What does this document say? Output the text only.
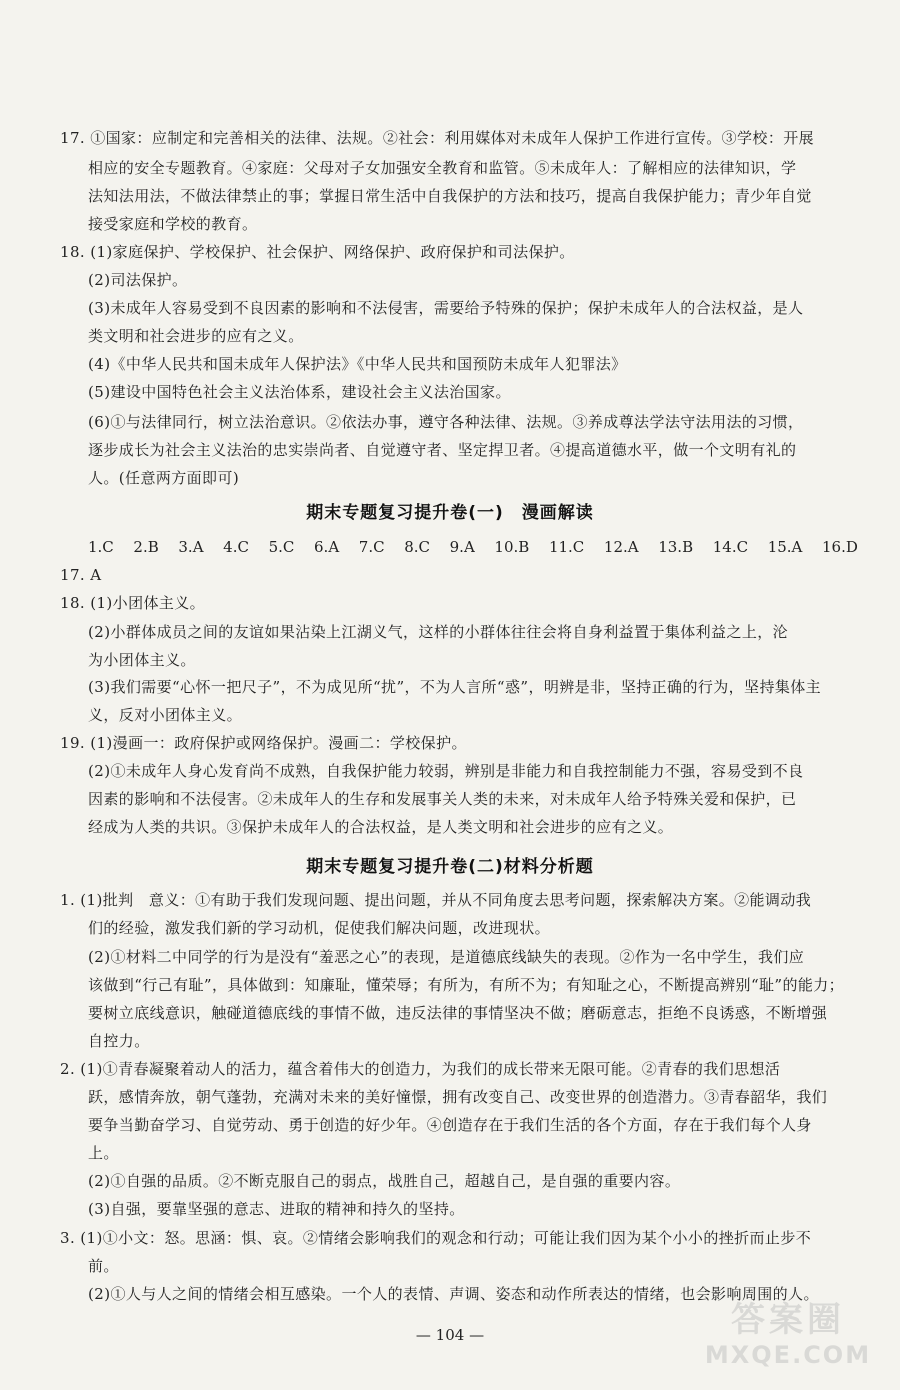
17. ①国家：应制定和完善相关的法律、法规。②社会：利用媒体对未成年人保护工作进行宣传。③学校：开展
相应的安全专题教育。④家庭：父母对子女加强安全教育和监管。⑤未成年人：了解相应的法律知识，学
法知法用法，不做法律禁止的事；掌握日常生活中自我保护的方法和技巧，提高自我保护能力；青少年自觉
接受家庭和学校的教育。
18. (1)家庭保护、学校保护、社会保护、网络保护、政府保护和司法保护。
(2)司法保护。
(3)未成年人容易受到不良因素的影响和不法侵害，需要给予特殊的保护；保护未成年人的合法权益，是人
类文明和社会进步的应有之义。
(4)《中华人民共和国未成年人保护法》《中华人民共和国预防未成年人犯罪法》
(5)建设中国特色社会主义法治体系，建设社会主义法治国家。
(6)①与法律同行，树立法治意识。②依法办事，遵守各种法律、法规。③养成尊法学法守法用法的习惯，
逐步成长为社会主义法治的忠实崇尚者、自觉遵守者、坚定捍卫者。④提高道德水平，做一个文明有礼的
人。(任意两方面即可)
期末专题复习提升卷(一)　漫画解读
1.C 2.B 3.A 4.C 5.C 6.A 7.C 8.C 9.A 10.B 11.C 12.A 13.B 14.C 15.A 16.D
17. A
18. (1)小团体主义。
(2)小群体成员之间的友谊如果沾染上江湖义气，这样的小群体往往会将自身利益置于集体利益之上，沦
为小团体主义。
(3)我们需要“心怀一把尺子”，不为成见所“扰”，不为人言所“惑”，明辨是非，坚持正确的行为，坚持集体主
义，反对小团体主义。
19. (1)漫画一：政府保护或网络保护。漫画二：学校保护。
(2)①未成年人身心发育尚不成熟，自我保护能力较弱，辨别是非能力和自我控制能力不强，容易受到不良
因素的影响和不法侵害。②未成年人的生存和发展事关人类的未来，对未成年人给予特殊关爱和保护，已
经成为人类的共识。③保护未成年人的合法权益，是人类文明和社会进步的应有之义。
期末专题复习提升卷(二)材料分析题
1. (1)批判　意义：①有助于我们发现问题、提出问题，并从不同角度去思考问题，探索解决方案。②能调动我
们的经验，激发我们新的学习动机，促使我们解决问题，改进现状。
(2)①材料二中同学的行为是没有“羞恶之心”的表现，是道德底线缺失的表现。②作为一名中学生，我们应
该做到“行己有耻”，具体做到：知廉耻，懂荣辱；有所为，有所不为；有知耻之心，不断提高辨别“耻”的能力；
要树立底线意识，触碰道德底线的事情不做，违反法律的事情坚决不做；磨砺意志，拒绝不良诱惑，不断增强
自控力。
2. (1)①青春凝聚着动人的活力，蕴含着伟大的创造力，为我们的成长带来无限可能。②青春的我们思想活
跃，感情奔放，朝气蓬勃，充满对未来的美好憧憬，拥有改变自己、改变世界的创造潜力。③青春韶华，我们
要争当勤奋学习、自觉劳动、勇于创造的好少年。④创造存在于我们生活的各个方面，存在于我们每个人身
上。
(2)①自强的品质。②不断克服自己的弱点，战胜自己，超越自己，是自强的重要内容。
(3)自强，要靠坚强的意志、进取的精神和持久的坚持。
3. (1)①小文：怒。思涵：惧、哀。②情绪会影响我们的观念和行动；可能让我们因为某个小小的挫折而止步不
前。
(2)①人与人之间的情绪会相互感染。一个人的表情、声调、姿态和动作所表达的情绪，也会影响周围的人。
— 104 —	答案圈
MXQE.COM
